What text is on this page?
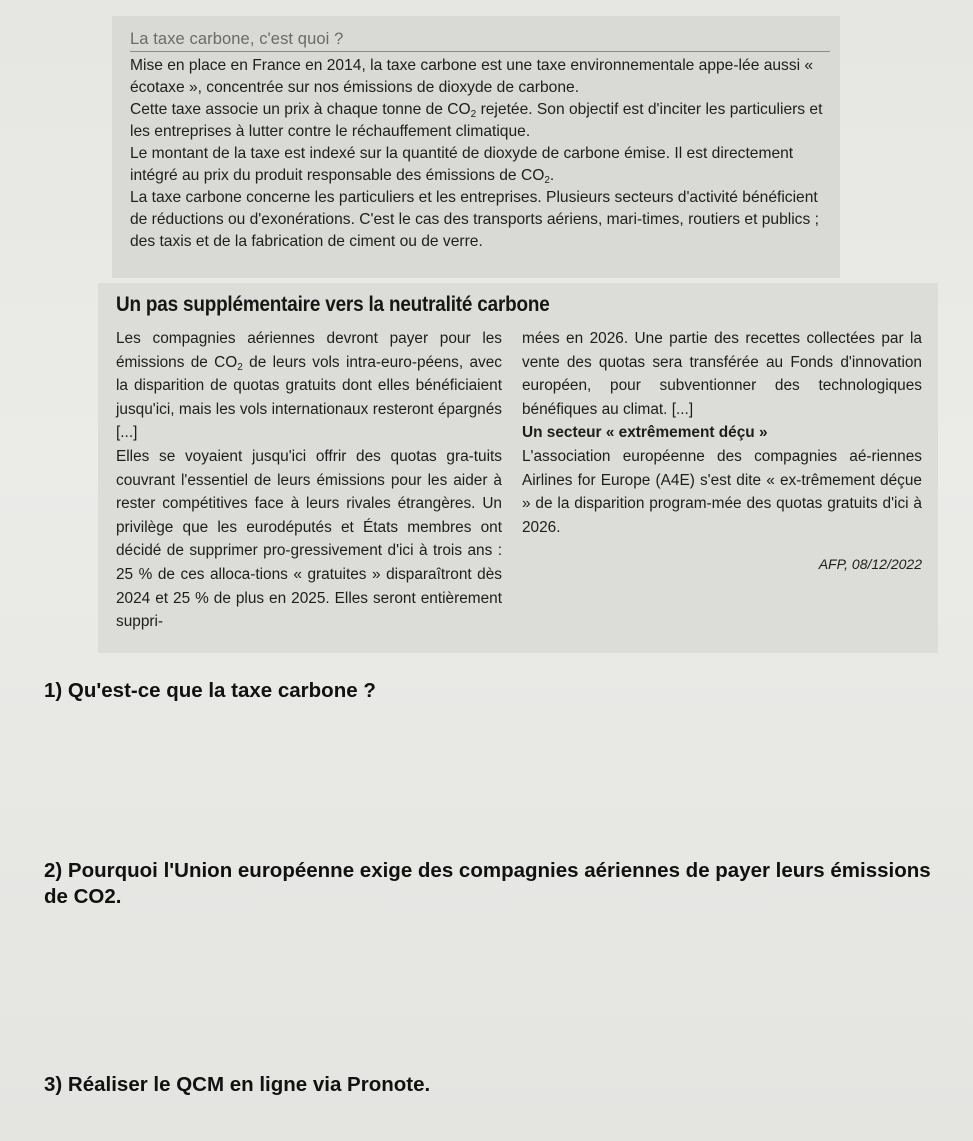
La taxe carbone, c'est quoi ?

Mise en place en France en 2014, la taxe carbone est une taxe environnementale appe-lée aussi « écotaxe », concentrée sur nos émissions de dioxyde de carbone.

Cette taxe associe un prix à chaque tonne de $CO_2$ rejetée. Son objectif est d'inciter les particuliers et les entreprises à lutter contre le réchauffement climatique.

Le montant de la taxe est indexé sur la quantité de dioxyde de carbone émise. Il est directement intégré au prix du produit responsable des émissions de $CO_2$.

La taxe carbone concerne les particuliers et les entreprises. Plusieurs secteurs d'activité bénéficient de réductions ou d'exonérations. C'est le cas des transports aériens, mari-times, routiers et publics ; des taxis et de la fabrication de ciment ou de verre.

Un pas supplémentaire vers la neutralité carbone

Les compagnies aériennes devront payer pour les émissions de $CO_2$ de leurs vols intra-euro-péens, avec la disparition de quotas gratuits dont elles bénéficiaient jusqu'ici, mais les vols internationaux resteront épargnés [...]

Elles se voyaient jusqu'ici offrir des quotas gra-tuits couvrant l'essentiel de leurs émissions pour les aider à rester compétitives face à leurs rivales étrangères. Un privilège que les eurodéputés et États membres ont décidé de supprimer pro-gressivement d'ici à trois ans : 25 % de ces alloca-tions « gratuites » disparaîtront dès 2024 et 25 % de plus en 2025. Elles seront entièrement suppri-

mées en 2026. Une partie des recettes collectées par la vente des quotas sera transférée au Fonds d'innovation européen, pour subventionner des technologiques bénéfiques au climat. [...]

Un secteur « extrêmement déçu »

L'association européenne des compagnies aé-riennes Airlines for Europe (A4E) s'est dite « ex-trêmement déçue » de la disparition program-mée des quotas gratuits d'ici à 2026.

AFP, 08/12/2022

1) Qu'est-ce que la taxe carbone ?
2) Pourquoi l'Union européenne exige des compagnies aériennes de payer leurs émissions de CO2.
3) Réaliser le QCM en ligne via Pronote.
